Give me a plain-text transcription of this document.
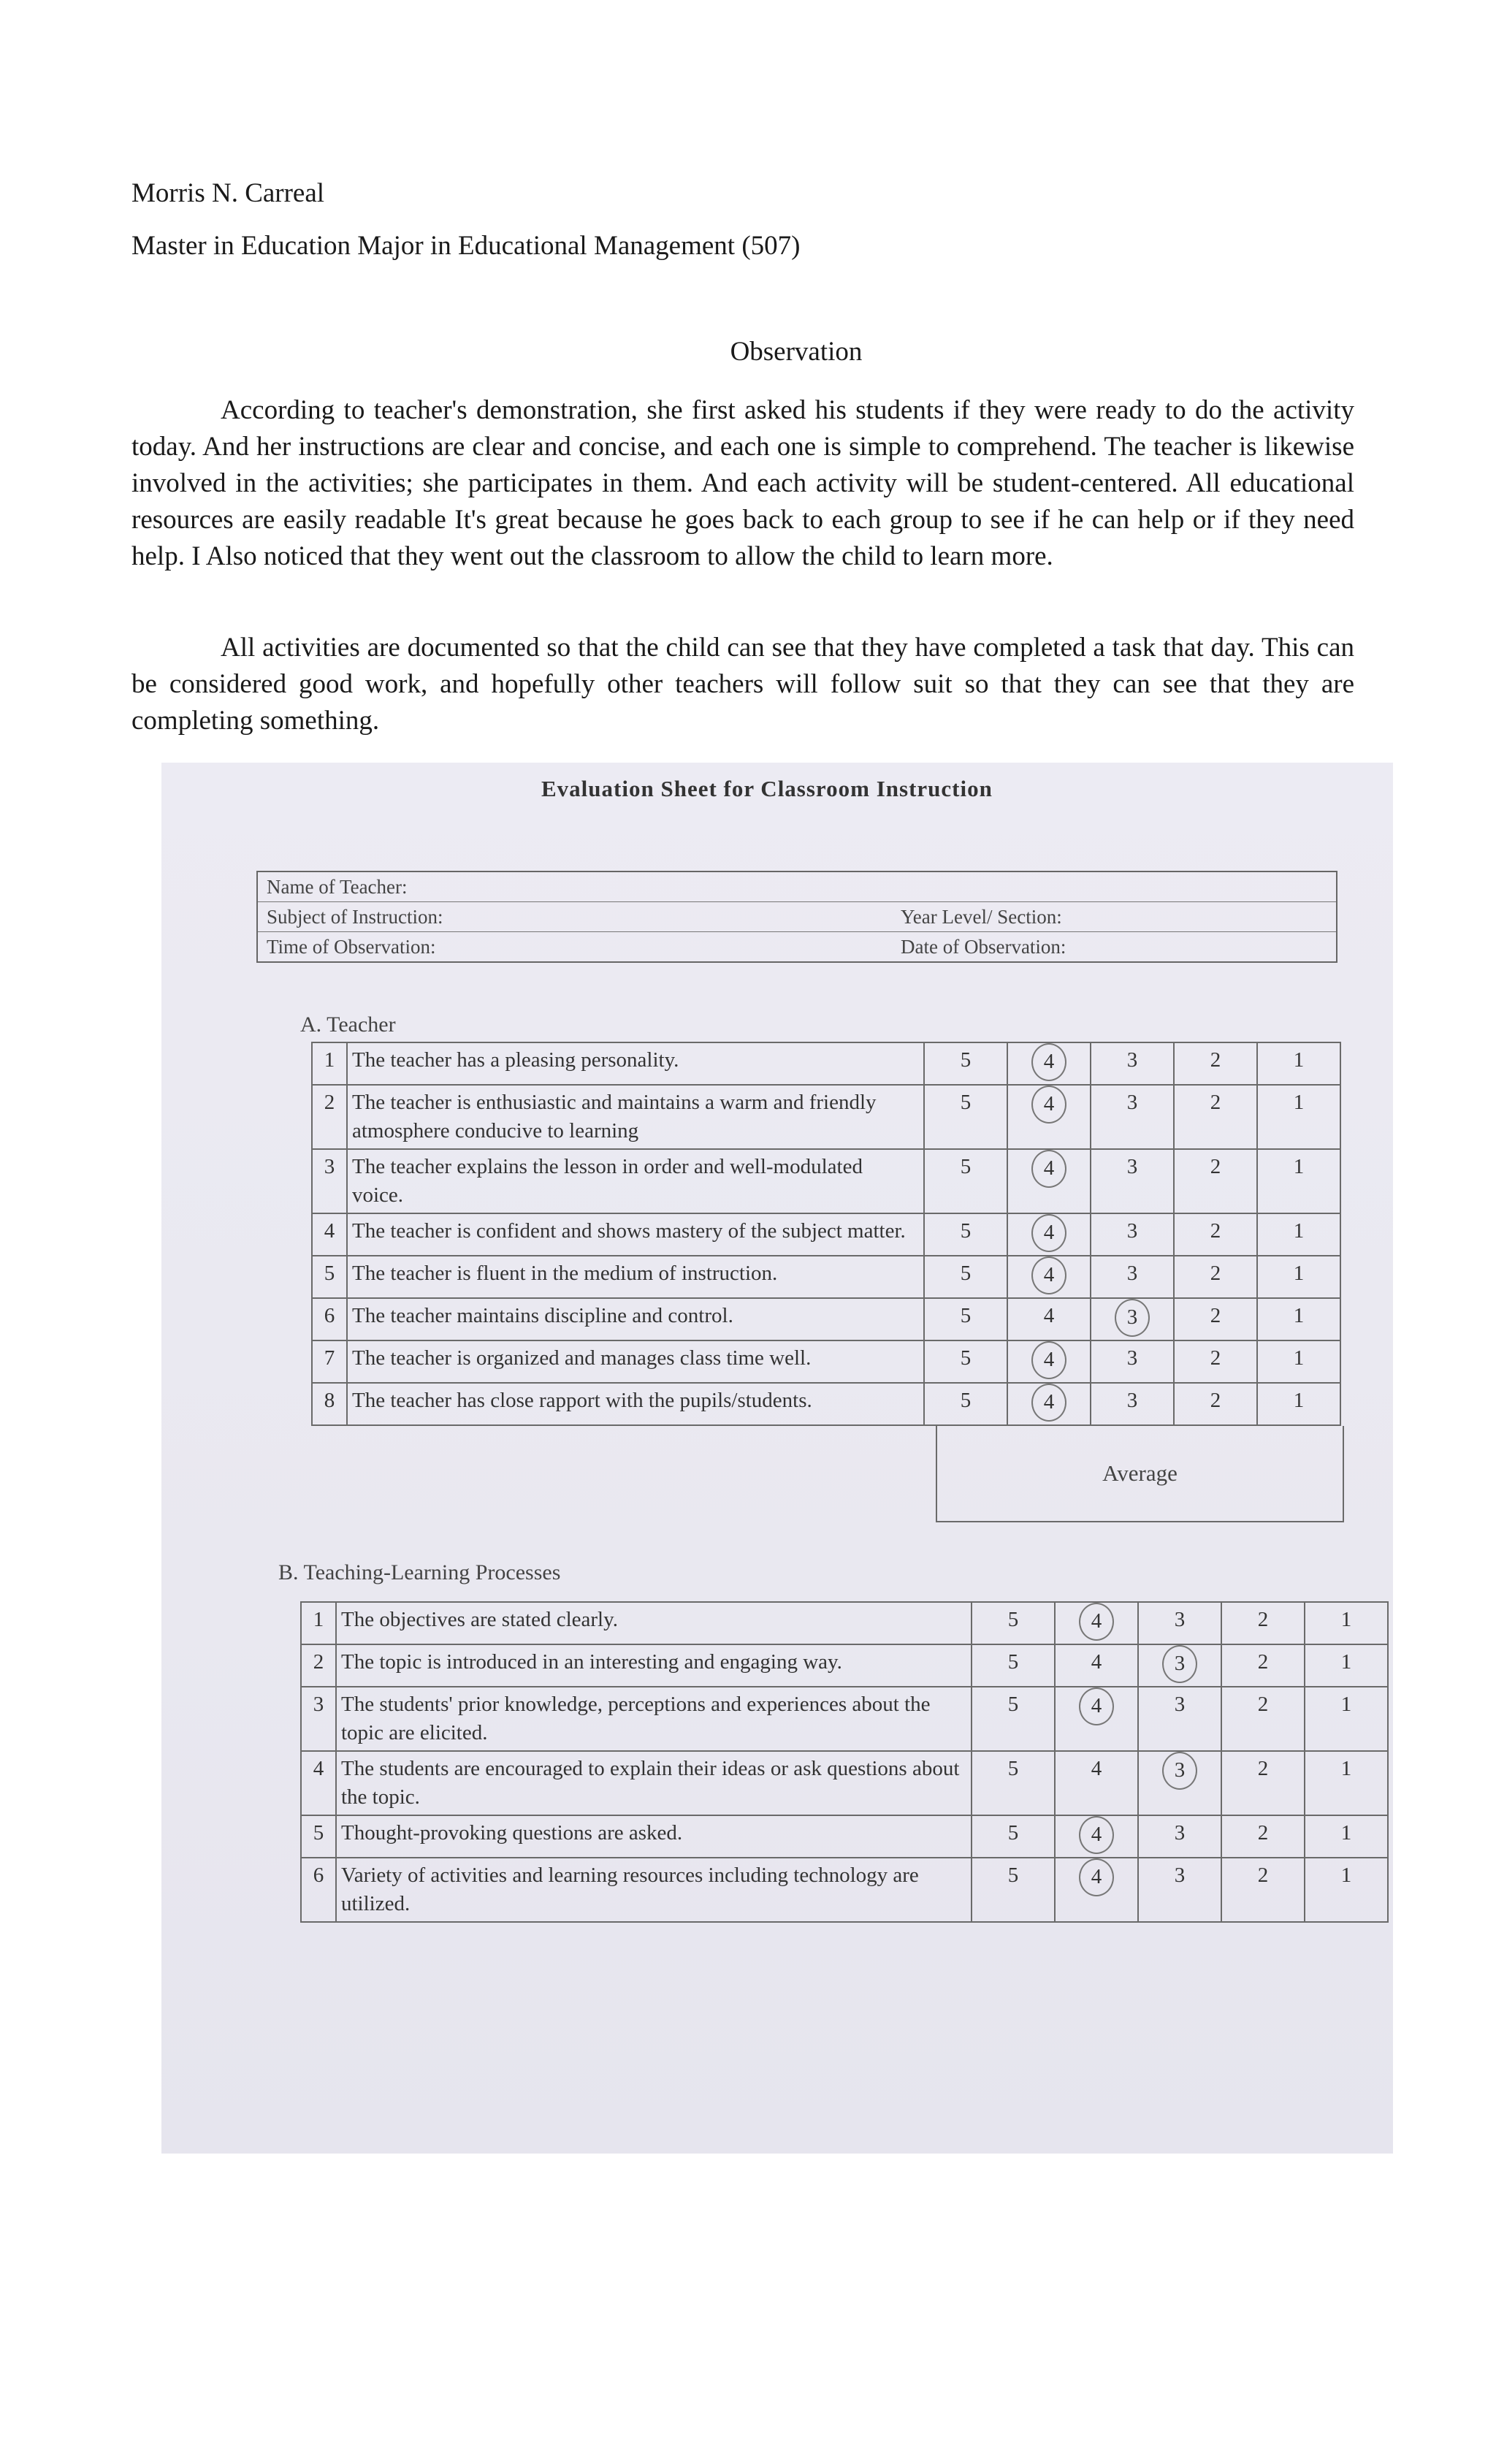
Morris N. Carreal
Master in Education Major in Educational Management (507)
Observation

According to teacher's demonstration, she first asked his students if they were ready to do the activity today. And her instructions are clear and concise, and each one is simple to comprehend. The teacher is likewise involved in the activities; she participates in them. And each activity will be student-centered. All educational resources are easily readable It's great because he goes back to each group to see if he can help or if they need help. I Also noticed that they went out the classroom to allow the child to learn more.

All activities are documented so that the child can see that they have completed a task that day. This can be considered good work, and hopefully other teachers will follow suit so that they can see that they are completing something.

Evaluation Sheet for Classroom Instruction
Name of Teacher:
Subject of Instruction:	Year Level/ Section:
Time of Observation:	Date of Observation:
A. Teacher
1	The teacher has a pleasing personality.	5	4	3	2	1
2	The teacher is enthusiastic and maintains a warm and friendly atmosphere conducive to learning	5	4	3	2	1
3	The teacher explains the lesson in order and well-modulated voice.	5	4	3	2	1
4	The teacher is confident and shows mastery of the subject matter.	5	4	3	2	1
5	The teacher is fluent in the medium of instruction.	5	4	3	2	1
6	The teacher maintains discipline and control.	5	4	3	2	1
7	The teacher is organized and manages class time well.	5	4	3	2	1
8	The teacher has close rapport with the pupils/students.	5	4	3	2	1
Average
B. Teaching-Learning Processes
1	The objectives are stated clearly.	5	4	3	2	1
2	The topic is introduced in an interesting and engaging way.	5	4	3	2	1
3	The students' prior knowledge, perceptions and experiences about the topic are elicited.	5	4	3	2	1
4	The students are encouraged to explain their ideas or ask questions about the topic.	5	4	3	2	1
5	Thought-provoking questions are asked.	5	4	3	2	1
6	Variety of activities and learning resources including technology are utilized.	5	4	3	2	1
